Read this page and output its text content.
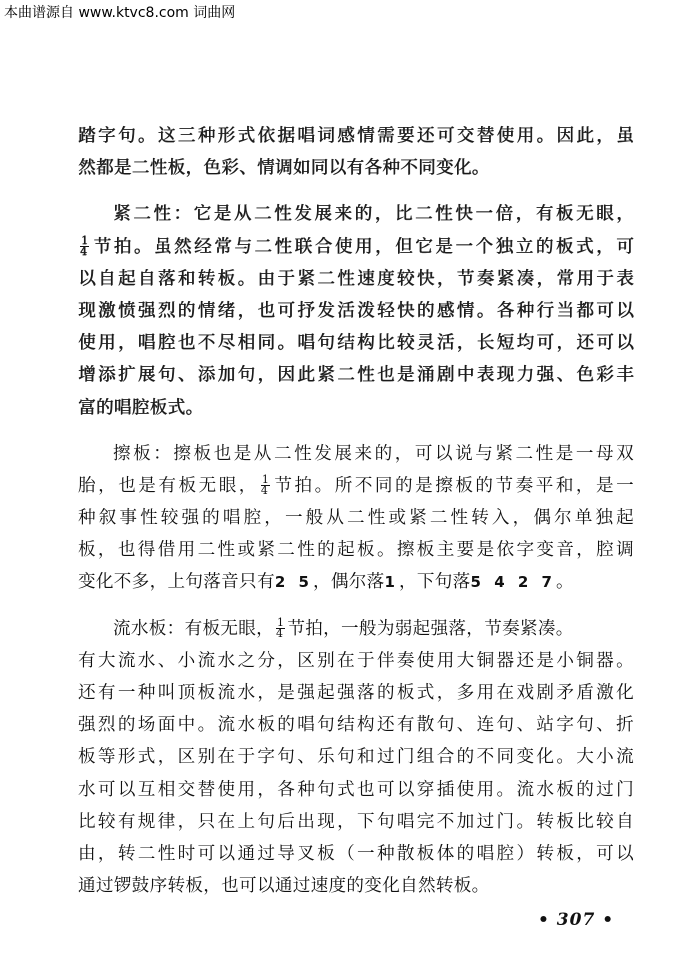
本曲谱源自 www.ktvc8.com 词曲网
踏字句。这三种形式依据唱词感情需要还可交替使用。因此，虽
然都是二性板，色彩、情调如同以有各种不同变化。
紧二性：它是从二性发展来的，比二性快一倍，有板无眼，
$\frac{1}{4}$ 节拍。虽然经常与二性联合使用，但它是一个独立的板式，可
以自起自落和转板。由于紧二性速度较快，节奏紧凑，常用于表
现激愤强烈的情绪，也可抒发活泼轻快的感情。各种行当都可以
使用，唱腔也不尽相同。唱句结构比较灵活，长短均可，还可以
增添扩展句、添加句，因此紧二性也是涌剧中表现力强、色彩丰
富的唱腔板式。
擦板：擦板也是从二性发展来的，可以说与紧二性是一母双
胎，也是有板无眼， $\frac{1}{4}$ 节拍。所不同的是擦板的节奏平和，是一
种叙事性较强的唱腔，一般从二性或紧二性转入，偶尔单独起
板，也得借用二性或紧二性的起板。擦板主要是依字变音，腔调
变化不多，上句落音只有2 5，偶尔落1，下句落5 4 2 7。
流水板：有板无眼， $\frac{1}{4}$ 节拍，一般为弱起强落，节奏紧凑。
有大流水、小流水之分，区别在于伴奏使用大铜器还是小铜器。
还有一种叫顶板流水，是强起强落的板式，多用在戏剧矛盾激化
强烈的场面中。流水板的唱句结构还有散句、连句、站字句、折
板等形式，区别在于字句、乐句和过门组合的不同变化。大小流
水可以互相交替使用，各种句式也可以穿插使用。流水板的过门
比较有规律，只在上句后出现，下句唱完不加过门。转板比较自
由，转二性时可以通过导叉板（一种散板体的唱腔）转板，可以
通过锣鼓序转板，也可以通过速度的变化自然转板。
• 307 •
